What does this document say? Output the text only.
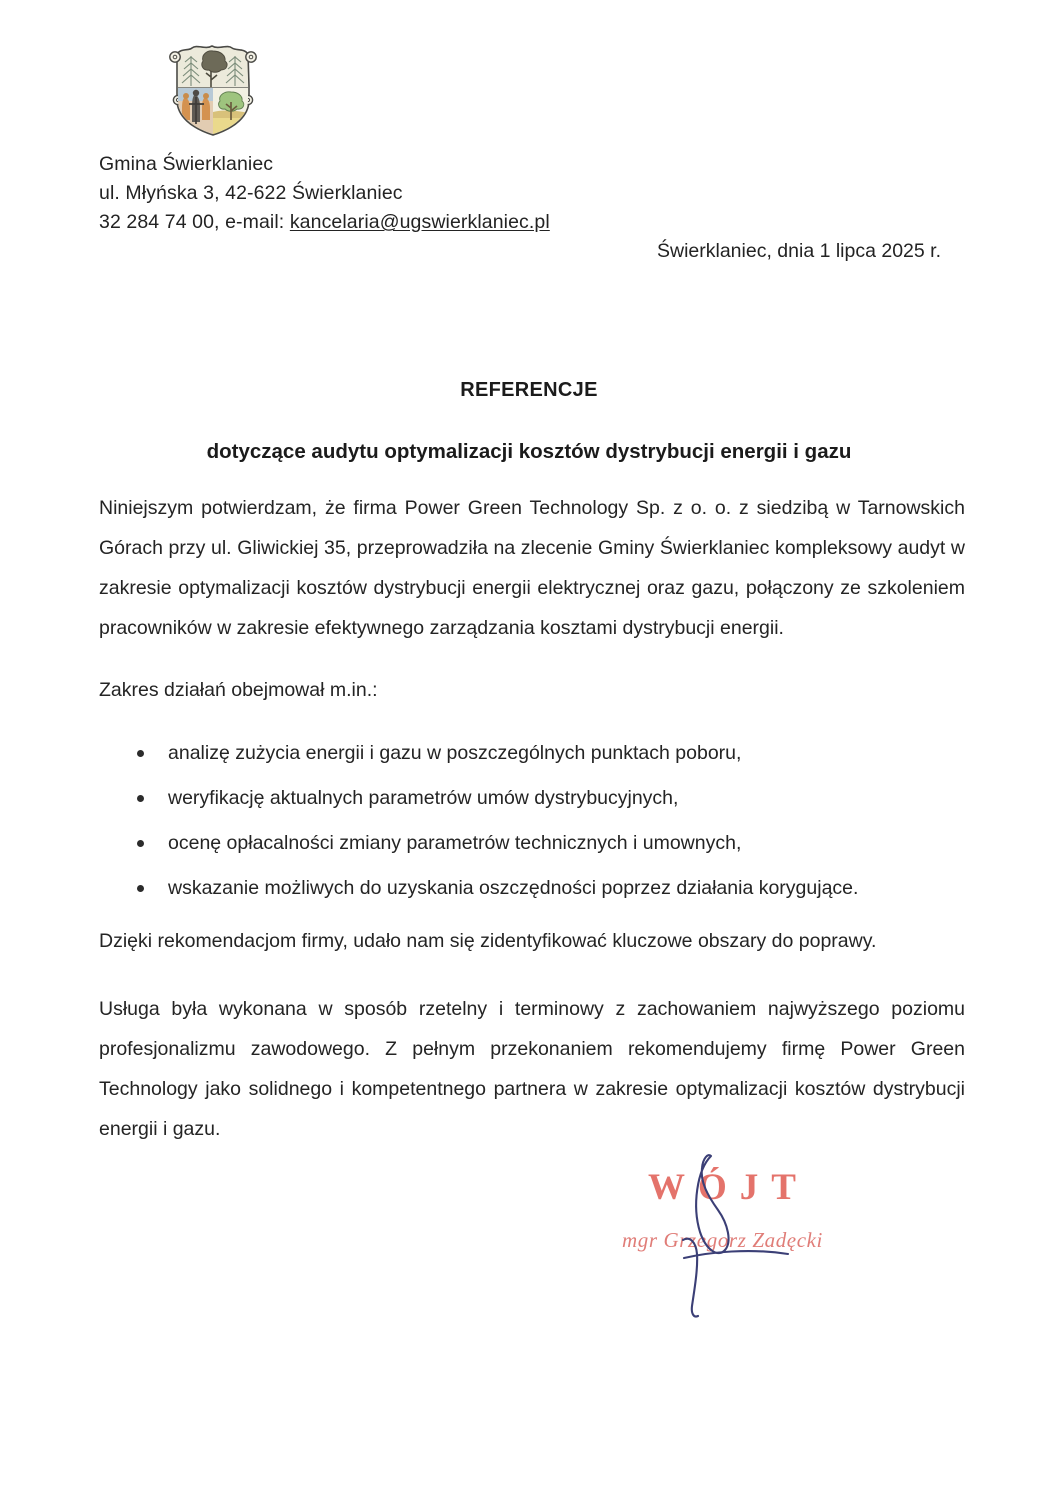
Gmina Świerklaniec
ul. Młyńska 3, 42-622 Świerklaniec
32 284 74 00, e-mail: kancelaria@ugswierklaniec.pl
Świerklaniec, dnia 1 lipca 2025 r.
REFERENCJE
dotyczące audytu optymalizacji kosztów dystrybucji energii i gazu

Niniejszym potwierdzam, że firma Power Green Technology Sp. z o. o. z siedzibą w Tarnowskich Górach przy ul. Gliwickiej 35, przeprowadziła na zlecenie Gminy Świerklaniec kompleksowy audyt w zakresie optymalizacji kosztów dystrybucji energii elektrycznej oraz gazu, połączony ze szkoleniem pracowników w zakresie efektywnego zarządzania kosztami dystrybucji energii.

Zakres działań obejmował m.in.:

analizę zużycia energii i gazu w poszczególnych punktach poboru,
weryfikację aktualnych parametrów umów dystrybucyjnych,
ocenę opłacalności zmiany parametrów technicznych i umownych,
wskazanie możliwych do uzyskania oszczędności poprzez działania korygujące.

Dzięki rekomendacjom firmy, udało nam się zidentyfikować kluczowe obszary do poprawy.

Usługa była wykonana w sposób rzetelny i terminowy z zachowaniem najwyższego poziomu profesjonalizmu zawodowego. Z pełnym przekonaniem rekomendujemy firmę Power Green Technology jako solidnego i kompetentnego partnera w zakresie optymalizacji kosztów dystrybucji energii i gazu.

WÓJT
mgr Grzegorz Zadęcki
